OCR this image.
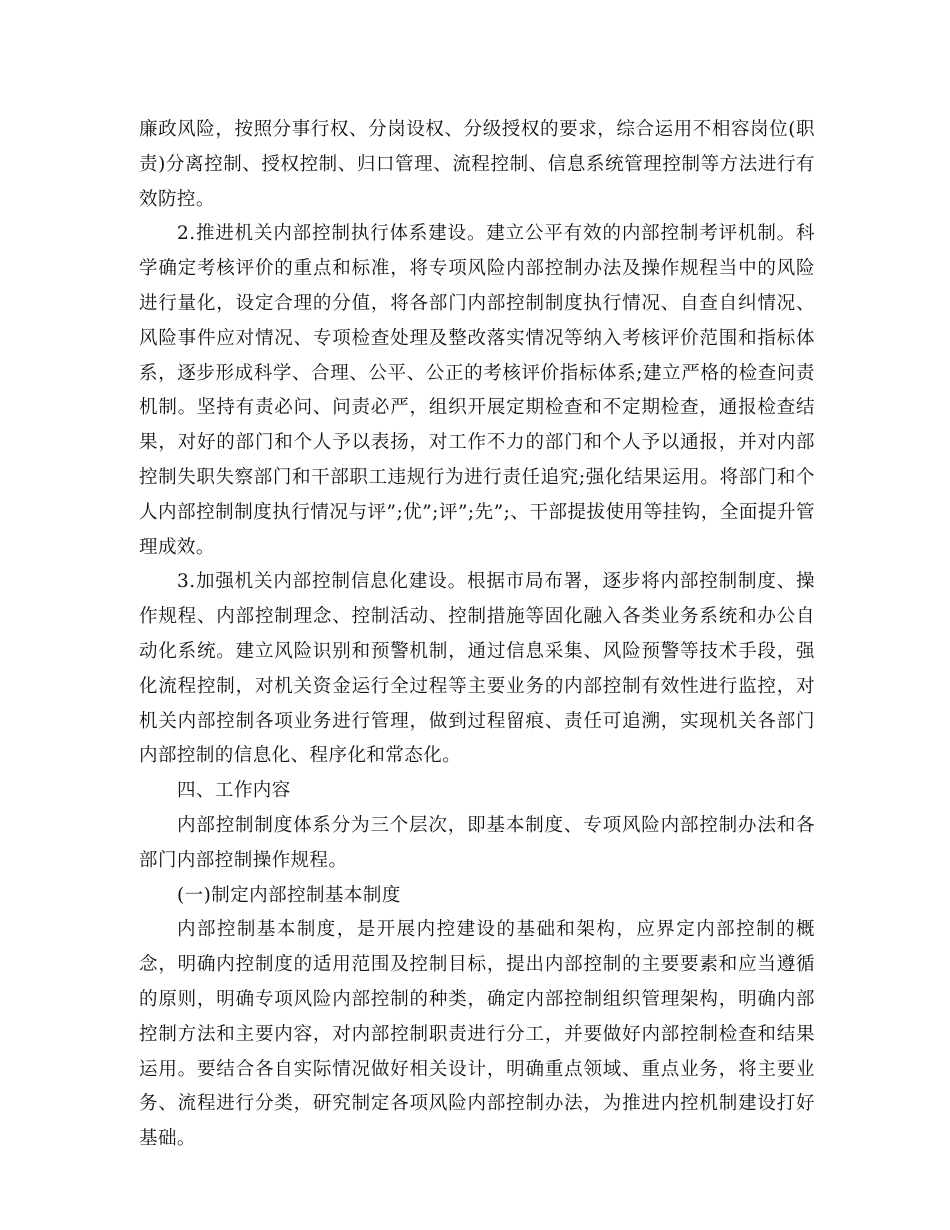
廉政风险，按照分事行权、分岗设权、分级授权的要求，综合运用不相容岗位(职责)分离控制、授权控制、归口管理、流程控制、信息系统管理控制等方法进行有效防控。

2.推进机关内部控制执行体系建设。建立公平有效的内部控制考评机制。科学确定考核评价的重点和标准，将专项风险内部控制办法及操作规程当中的风险进行量化，设定合理的分值，将各部门内部控制制度执行情况、自查自纠情况、风险事件应对情况、专项检查处理及整改落实情况等纳入考核评价范围和指标体系，逐步形成科学、合理、公平、公正的考核评价指标体系;建立严格的检查问责机制。坚持有责必问、问责必严，组织开展定期检查和不定期检查，通报检查结果，对好的部门和个人予以表扬，对工作不力的部门和个人予以通报，并对内部控制失职失察部门和干部职工违规行为进行责任追究;强化结果运用。将部门和个人内部控制制度执行情况与评”;优”;评”;先”;、干部提拔使用等挂钩，全面提升管理成效。

3.加强机关内部控制信息化建设。根据市局布署，逐步将内部控制制度、操作规程、内部控制理念、控制活动、控制措施等固化融入各类业务系统和办公自动化系统。建立风险识别和预警机制，通过信息采集、风险预警等技术手段，强化流程控制，对机关资金运行全过程等主要业务的内部控制有效性进行监控，对机关内部控制各项业务进行管理，做到过程留痕、责任可追溯，实现机关各部门内部控制的信息化、程序化和常态化。

四、工作内容

内部控制制度体系分为三个层次，即基本制度、专项风险内部控制办法和各部门内部控制操作规程。

(一)制定内部控制基本制度

内部控制基本制度，是开展内控建设的基础和架构，应界定内部控制的概念，明确内控制度的适用范围及控制目标，提出内部控制的主要要素和应当遵循的原则，明确专项风险内部控制的种类，确定内部控制组织管理架构，明确内部控制方法和主要内容，对内部控制职责进行分工，并要做好内部控制检查和结果运用。要结合各自实际情况做好相关设计，明确重点领域、重点业务，将主要业务、流程进行分类，研究制定各项风险内部控制办法，为推进内控机制建设打好基础。
